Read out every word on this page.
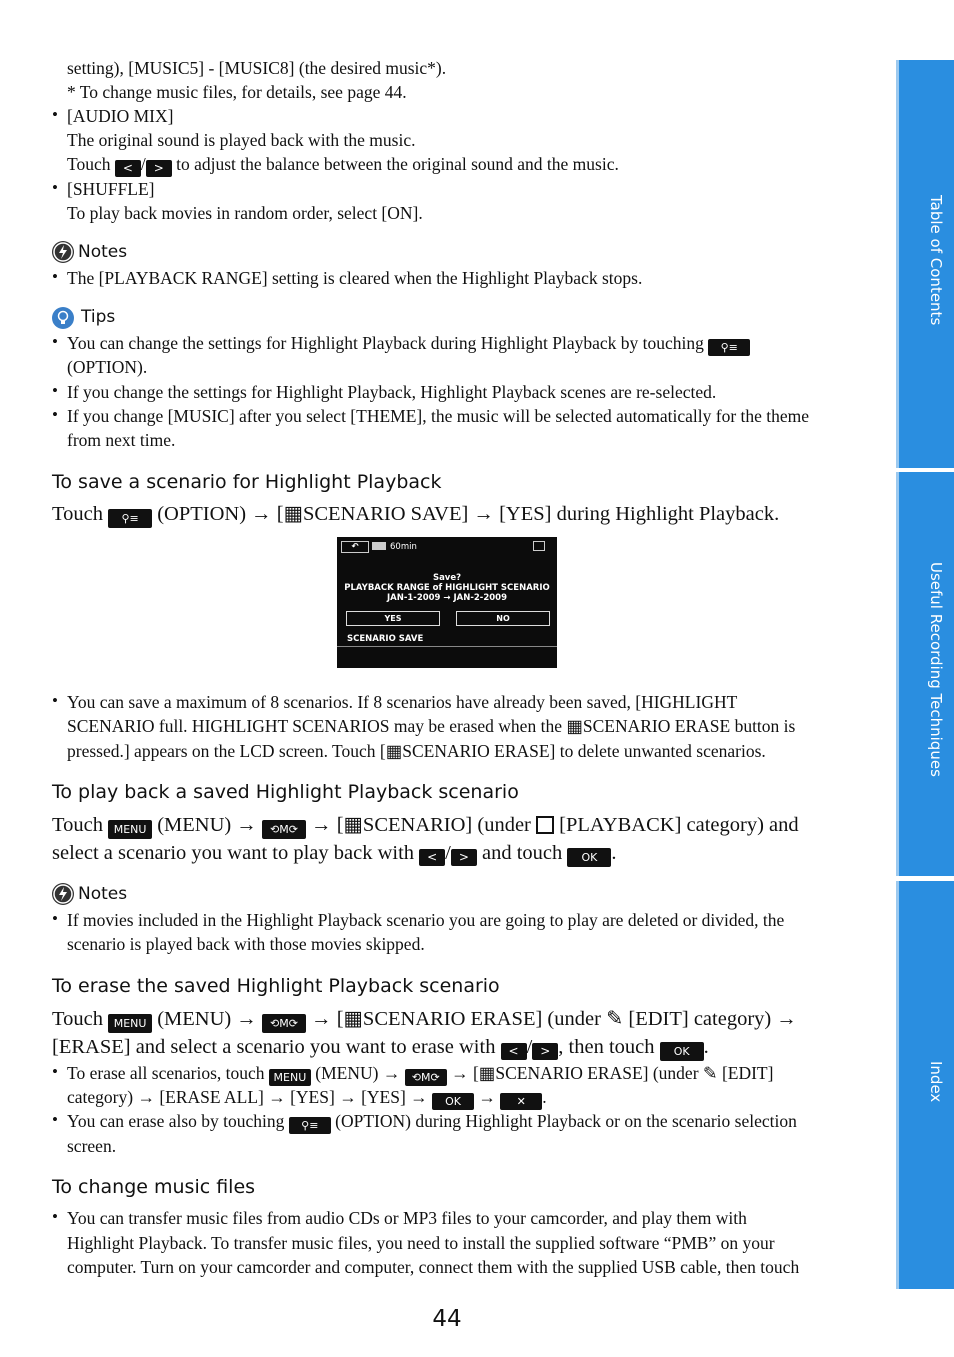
Table of Contents
Useful Recording Techniques
Index
setting), [MUSIC5] - [MUSIC8] (the desired music*).
* To change music files, for details, see page 44.
• [AUDIO MIX]
The original sound is played back with the music.
Touch < / > to adjust the balance between the original sound and the music.
• [SHUFFLE]
To play back movies in random order, select [ON].
Notes
• The [PLAYBACK RANGE] setting is cleared when the Highlight Playback stops.
Tips
• You can change the settings for Highlight Playback during Highlight Playback by touching ⚲≡
(OPTION).
• If you change the settings for Highlight Playback, Highlight Playback scenes are re-selected.
• If you change [MUSIC] after you select [THEME], the music will be selected automatically for the theme
from next time.
To save a scenario for Highlight Playback
Touch ⚲≡ (OPTION) → [▦SCENARIO SAVE] → [YES] during Highlight Playback.
↶	60min
Save?
PLAYBACK RANGE of HIGHLIGHT SCENARIO
JAN-1-2009 → JAN-2-2009
YES	NO
SCENARIO SAVE
• You can save a maximum of 8 scenarios. If 8 scenarios have already been saved, [HIGHLIGHT
SCENARIO full. HIGHLIGHT SCENARIOS may be erased when the ▦SCENARIO ERASE button is
pressed.] appears on the LCD screen. Touch [▦SCENARIO ERASE] to delete unwanted scenarios.
To play back a saved Highlight Playback scenario
Touch MENU (MENU) → ⟲M⟳ → [▦SCENARIO] (under [PLAYBACK] category) and
select a scenario you want to play back with < / > and touch OK .
Notes
• If movies included in the Highlight Playback scenario you are going to play are deleted or divided, the
scenario is played back with those movies skipped.
To erase the saved Highlight Playback scenario
Touch MENU (MENU) → ⟲M⟳ → [▦SCENARIO ERASE] (under ✎ [EDIT] category) →
[ERASE] and select a scenario you want to erase with < / > , then touch OK .
• To erase all scenarios, touch MENU (MENU) → ⟲M⟳ → [▦SCENARIO ERASE] (under ✎ [EDIT]
category) → [ERASE ALL] → [YES] → [YES] → OK → ✕ .
• You can erase also by touching ⚲≡ (OPTION) during Highlight Playback or on the scenario selection
screen.
To change music files
• You can transfer music files from audio CDs or MP3 files to your camcorder, and play them with
Highlight Playback. To transfer music files, you need to install the supplied software “PMB” on your
computer. Turn on your camcorder and computer, connect them with the supplied USB cable, then touch
44
